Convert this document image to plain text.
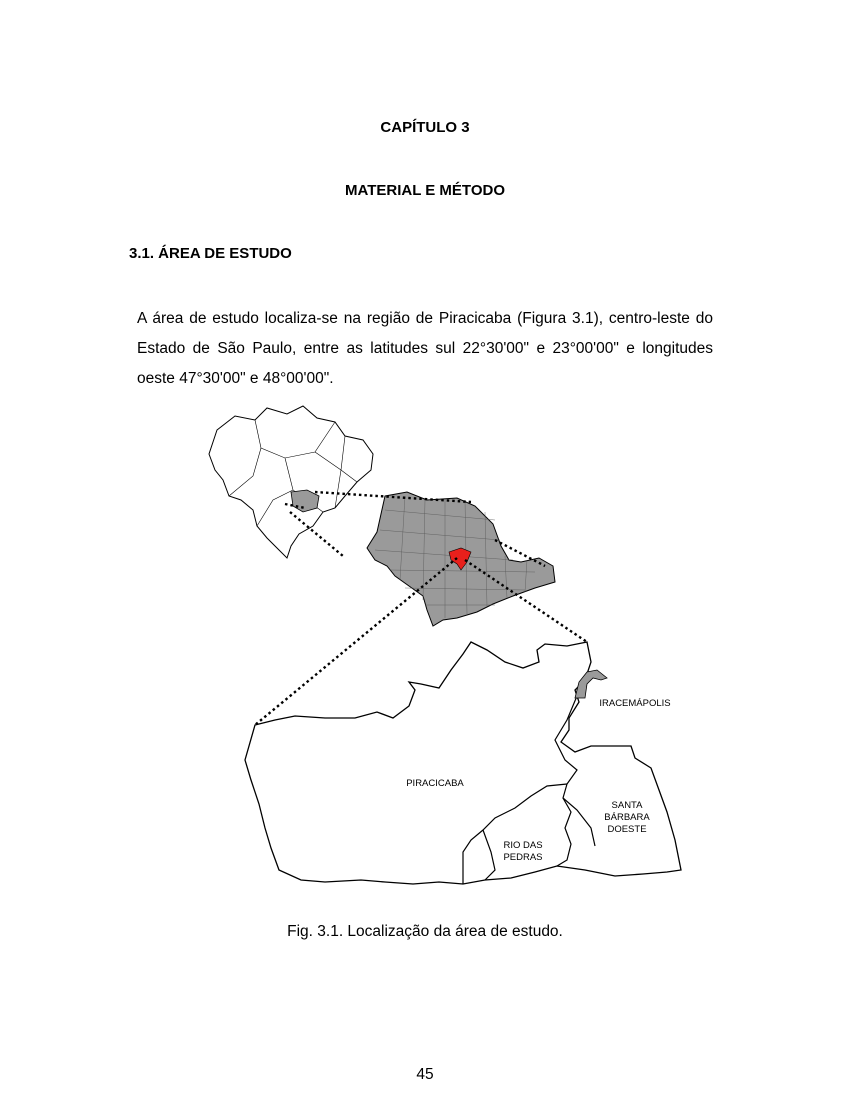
CAPÍTULO 3
MATERIAL E MÉTODO
3.1. ÁREA DE ESTUDO

A área de estudo localiza-se na região de Piracicaba (Figura 3.1), centro-leste do Estado de São Paulo, entre as latitudes sul 22°30'00" e 23°00'00" e longitudes oeste 47°30'00" e 48°00'00".

PIRACICABA
IRACEMÁPOLIS
SANTA
BÁRBARA
DOESTE
RIO DAS
PEDRAS

Fig. 3.1. Localização da área de estudo.

45
